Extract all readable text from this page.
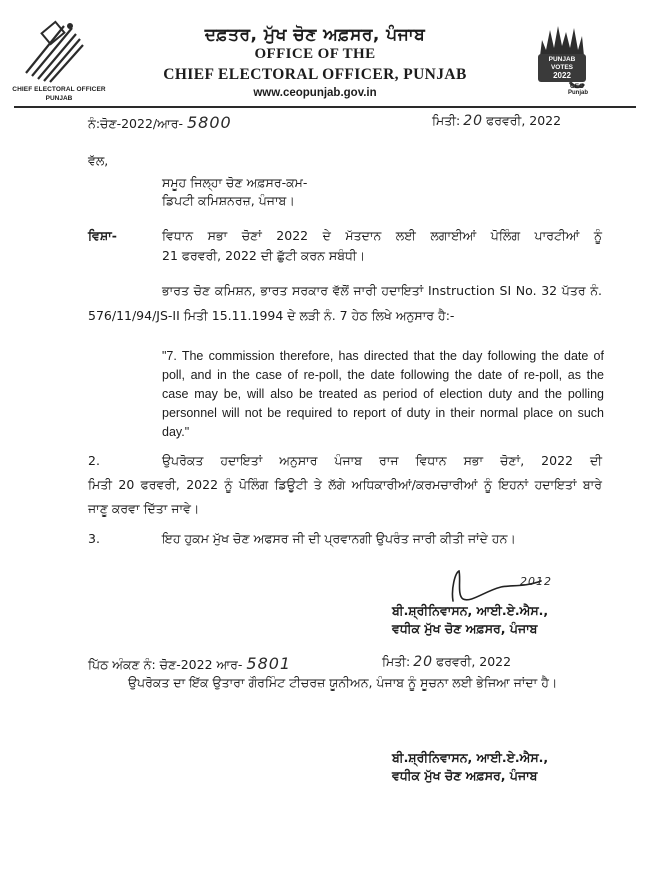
CHIEF ELECTORAL OFFICER
PUNJAB
ਦਫ਼ਤਰ, ਮੁੱਖ ਚੋਣ ਅਫ਼ਸਰ, ਪੰਜਾਬ
OFFICE OF THE
CHIEF ELECTORAL OFFICER, PUNJAB
www.ceopunjab.gov.in
PUNJAB
VOTES
2022
CEO
Punjab
ਨੰ:ਚੋਣ-2022/ਆਰ- 5800	ਮਿਤੀ: 20 ਫਰਵਰੀ, 2022
ਵੱਲ,
ਸਮੂਹ ਜਿਲ੍ਹਾ ਚੋਣ ਅਫ਼ਸਰ-ਕਮ-
ਡਿਪਟੀ ਕਮਿਸ਼ਨਰਜ਼, ਪੰਜਾਬ।
ਵਿਸ਼ਾ-	ਵਿਧਾਨ ਸਭਾ ਚੋਣਾਂ 2022 ਦੇ ਮੱਤਦਾਨ ਲਈ ਲਗਾਈਆਂ ਪੋਲਿੰਗ ਪਾਰਟੀਆਂ ਨੂੰ
21 ਫਰਵਰੀ, 2022 ਦੀ ਛੁੱਟੀ ਕਰਨ ਸਬੰਧੀ।
ਭਾਰਤ ਚੋਣ ਕਮਿਸ਼ਨ, ਭਾਰਤ ਸਰਕਾਰ ਵੱਲੋਂ ਜਾਰੀ ਹਦਾਇਤਾਂ Instruction SI No. 32 ਪੱਤਰ ਨੰ.
576/11/94/JS-II ਮਿਤੀ 15.11.1994 ਦੇ ਲੜੀ ਨੰ. 7 ਹੇਠ ਲਿਖੇ ਅਨੁਸਾਰ ਹੈ:-
"7. The commission therefore, has directed that the day following the date of
poll, and in the case of re-poll, the date following the date of re-poll, as the
case may be, will also be treated as period of election duty and the polling
personnel will not be required to report of duty in their normal place on such
day."
2.	ਉਪਰੋਕਤ ਹਦਾਇਤਾਂ ਅਨੁਸਾਰ ਪੰਜਾਬ ਰਾਜ ਵਿਧਾਨ ਸਭਾ ਚੋਣਾਂ, 2022 ਦੀ
ਮਿਤੀ 20 ਫਰਵਰੀ, 2022 ਨੂੰ ਪੋਲਿੰਗ ਡਿਊਟੀ ਤੇ ਲੱਗੇ ਅਧਿਕਾਰੀਆਂ/ਕਰਮਚਾਰੀਆਂ ਨੂੰ ਇਹਨਾਂ ਹਦਾਇਤਾਂ ਬਾਰੇ
ਜਾਣੂ ਕਰਵਾ ਦਿੱਤਾ ਜਾਵੇ।
3.	ਇਹ ਹੁਕਮ ਮੁੱਖ ਚੋਣ ਅਫਸਰ ਜੀ ਦੀ ਪ੍ਰਵਾਨਗੀ ਉਪਰੰਤ ਜਾਰੀ ਕੀਤੀ ਜਾਂਦੇ ਹਨ।
2012
ਬੀ.ਸ਼੍ਰੀਨਿਵਾਸਨ, ਆਈ.ਏ.ਐਸ.,
ਵਧੀਕ ਮੁੱਖ ਚੋਣ ਅਫ਼ਸਰ, ਪੰਜਾਬ
ਪਿੱਠ ਅੰਕਣ ਨੰ: ਚੋਣ-2022 ਆਰ- 5801	ਮਿਤੀ: 20 ਫਰਵਰੀ, 2022
ਉਪਰੋਕਤ ਦਾ ਇੱਕ ਉਤਾਰਾ ਗੌਰਮਿੰਟ ਟੀਚਰਜ਼ ਯੂਨੀਅਨ, ਪੰਜਾਬ ਨੂੰ ਸੂਚਨਾ ਲਈ ਭੇਜਿਆ ਜਾਂਦਾ ਹੈ।
ਬੀ.ਸ਼੍ਰੀਨਿਵਾਸਨ, ਆਈ.ਏ.ਐਸ.,
ਵਧੀਕ ਮੁੱਖ ਚੋਣ ਅਫ਼ਸਰ, ਪੰਜਾਬ
